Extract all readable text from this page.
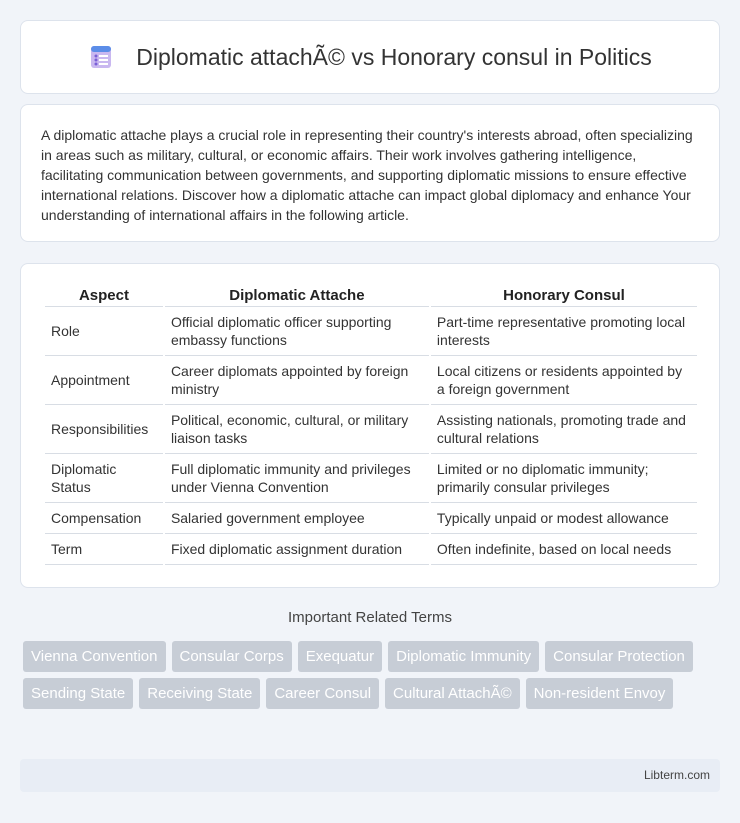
Diplomatic attachÃ© vs Honorary consul in Politics

A diplomatic attache plays a crucial role in representing their country's interests abroad, often specializing in areas such as military, cultural, or economic affairs. Their work involves gathering intelligence, facilitating communication between governments, and supporting diplomatic missions to ensure effective international relations. Discover how a diplomatic attache can impact global diplomacy and enhance Your understanding of international affairs in the following article.

Aspect	Diplomatic Attache	Honorary Consul
Role	Official diplomatic officer supporting embassy functions	Part-time representative promoting local interests
Appointment	Career diplomats appointed by foreign ministry	Local citizens or residents appointed by a foreign government
Responsibilities	Political, economic, cultural, or military liaison tasks	Assisting nationals, promoting trade and cultural relations
Diplomatic Status	Full diplomatic immunity and privileges under Vienna Convention	Limited or no diplomatic immunity; primarily consular privileges
Compensation	Salaried government employee	Typically unpaid or modest allowance
Term	Fixed diplomatic assignment duration	Often indefinite, based on local needs
Important Related Terms
Vienna Convention	Consular Corps	Exequatur	Diplomatic Immunity	Consular Protection
Sending State	Receiving State	Career Consul	Cultural AttachÃ©	Non-resident Envoy
Libterm.com
